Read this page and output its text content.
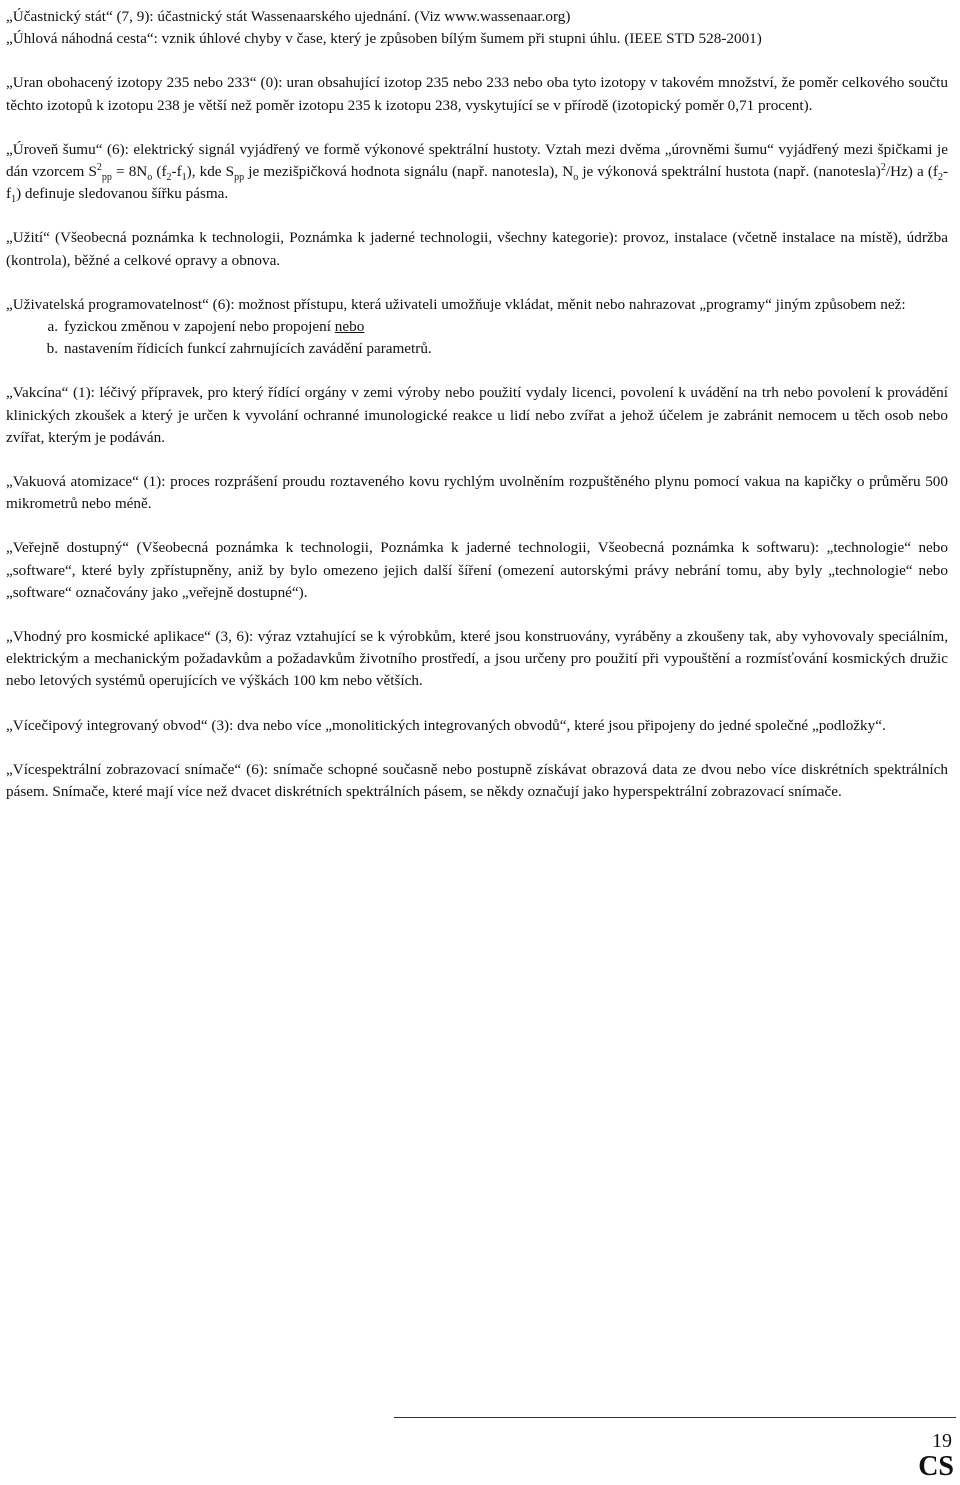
„Účastnický stát“ (7, 9): účastnický stát Wassenaarského ujednání. (Viz www.wassenaar.org)

„Úhlová náhodná cesta“: vznik úhlové chyby v čase, který je způsoben bílým šumem při stupni úhlu. (IEEE STD 528-2001)

„Uran obohacený izotopy 235 nebo 233“ (0): uran obsahující izotop 235 nebo 233 nebo oba tyto izotopy v takovém množství, že poměr celkového součtu těchto izotopů k izotopu 238 je větší než poměr izotopu 235 k izotopu 238, vyskytující se v přírodě (izotopický poměr 0,71 procent).

„Úroveň šumu“ (6): elektrický signál vyjádřený ve formě výkonové spektrální hustoty. Vztah mezi dvěma „úrovněmi šumu“ vyjádřený mezi špičkami je dán vzorcem $S^2_{pp} = 8N_o$ $(f_2-f_1)$, kde $S_{pp}$ je mezišpičková hodnota signálu (např. nanotesla), $N_o$ je výkonová spektrální hustota (např. (nanotesla)$^2$/Hz) a $(f_2-f_1)$ definuje sledovanou šířku pásma.

„Užití“ (Všeobecná poznámka k technologii, Poznámka k jaderné technologii, všechny kategorie): provoz, instalace (včetně instalace na místě), údržba (kontrola), běžné a celkové opravy a obnova.

„Uživatelská programovatelnost“ (6): možnost přístupu, která uživateli umožňuje vkládat, měnit nebo nahrazovat „programy“ jiným způsobem než:

a. fyzickou změnou v zapojení nebo propojení nebo
b. nastavením řídicích funkcí zahrnujících zavádění parametrů.

„Vakcína“ (1): léčivý přípravek, pro který řídící orgány v zemi výroby nebo použití vydaly licenci, povolení k uvádění na trh nebo povolení k provádění klinických zkoušek a který je určen k vyvolání ochranné imunologické reakce u lidí nebo zvířat a jehož účelem je zabránit nemocem u těch osob nebo zvířat, kterým je podáván.

„Vakuová atomizace“ (1): proces rozprášení proudu roztaveného kovu rychlým uvolněním rozpuštěného plynu pomocí vakua na kapičky o průměru 500 mikrometrů nebo méně.

„Veřejně dostupný“ (Všeobecná poznámka k technologii, Poznámka k jaderné technologii, Všeobecná poznámka k softwaru): „technologie“ nebo „software“, které byly zpřístupněny, aniž by bylo omezeno jejich další šíření (omezení autorskými právy nebrání tomu, aby byly „technologie“ nebo „software“ označovány jako „veřejně dostupné“).

„Vhodný pro kosmické aplikace“ (3, 6): výraz vztahující se k výrobkům, které jsou konstruovány, vyráběny a zkoušeny tak, aby vyhovovaly speciálním, elektrickým a mechanickým požadavkům a požadavkům životního prostředí, a jsou určeny pro použití při vypouštění a rozmísťování kosmických družic nebo letových systémů operujících ve výškách 100 km nebo větších.

„Vícečipový integrovaný obvod“ (3): dva nebo více „monolitických integrovaných obvodů“, které jsou připojeny do jedné společné „podložky“.

„Vícespektrální zobrazovací snímače“ (6): snímače schopné současně nebo postupně získávat obrazová data ze dvou nebo více diskrétních spektrálních pásem. Snímače, které mají více než dvacet diskrétních spektrálních pásem, se někdy označují jako hyperspektrální zobrazovací snímače.

19
CS
